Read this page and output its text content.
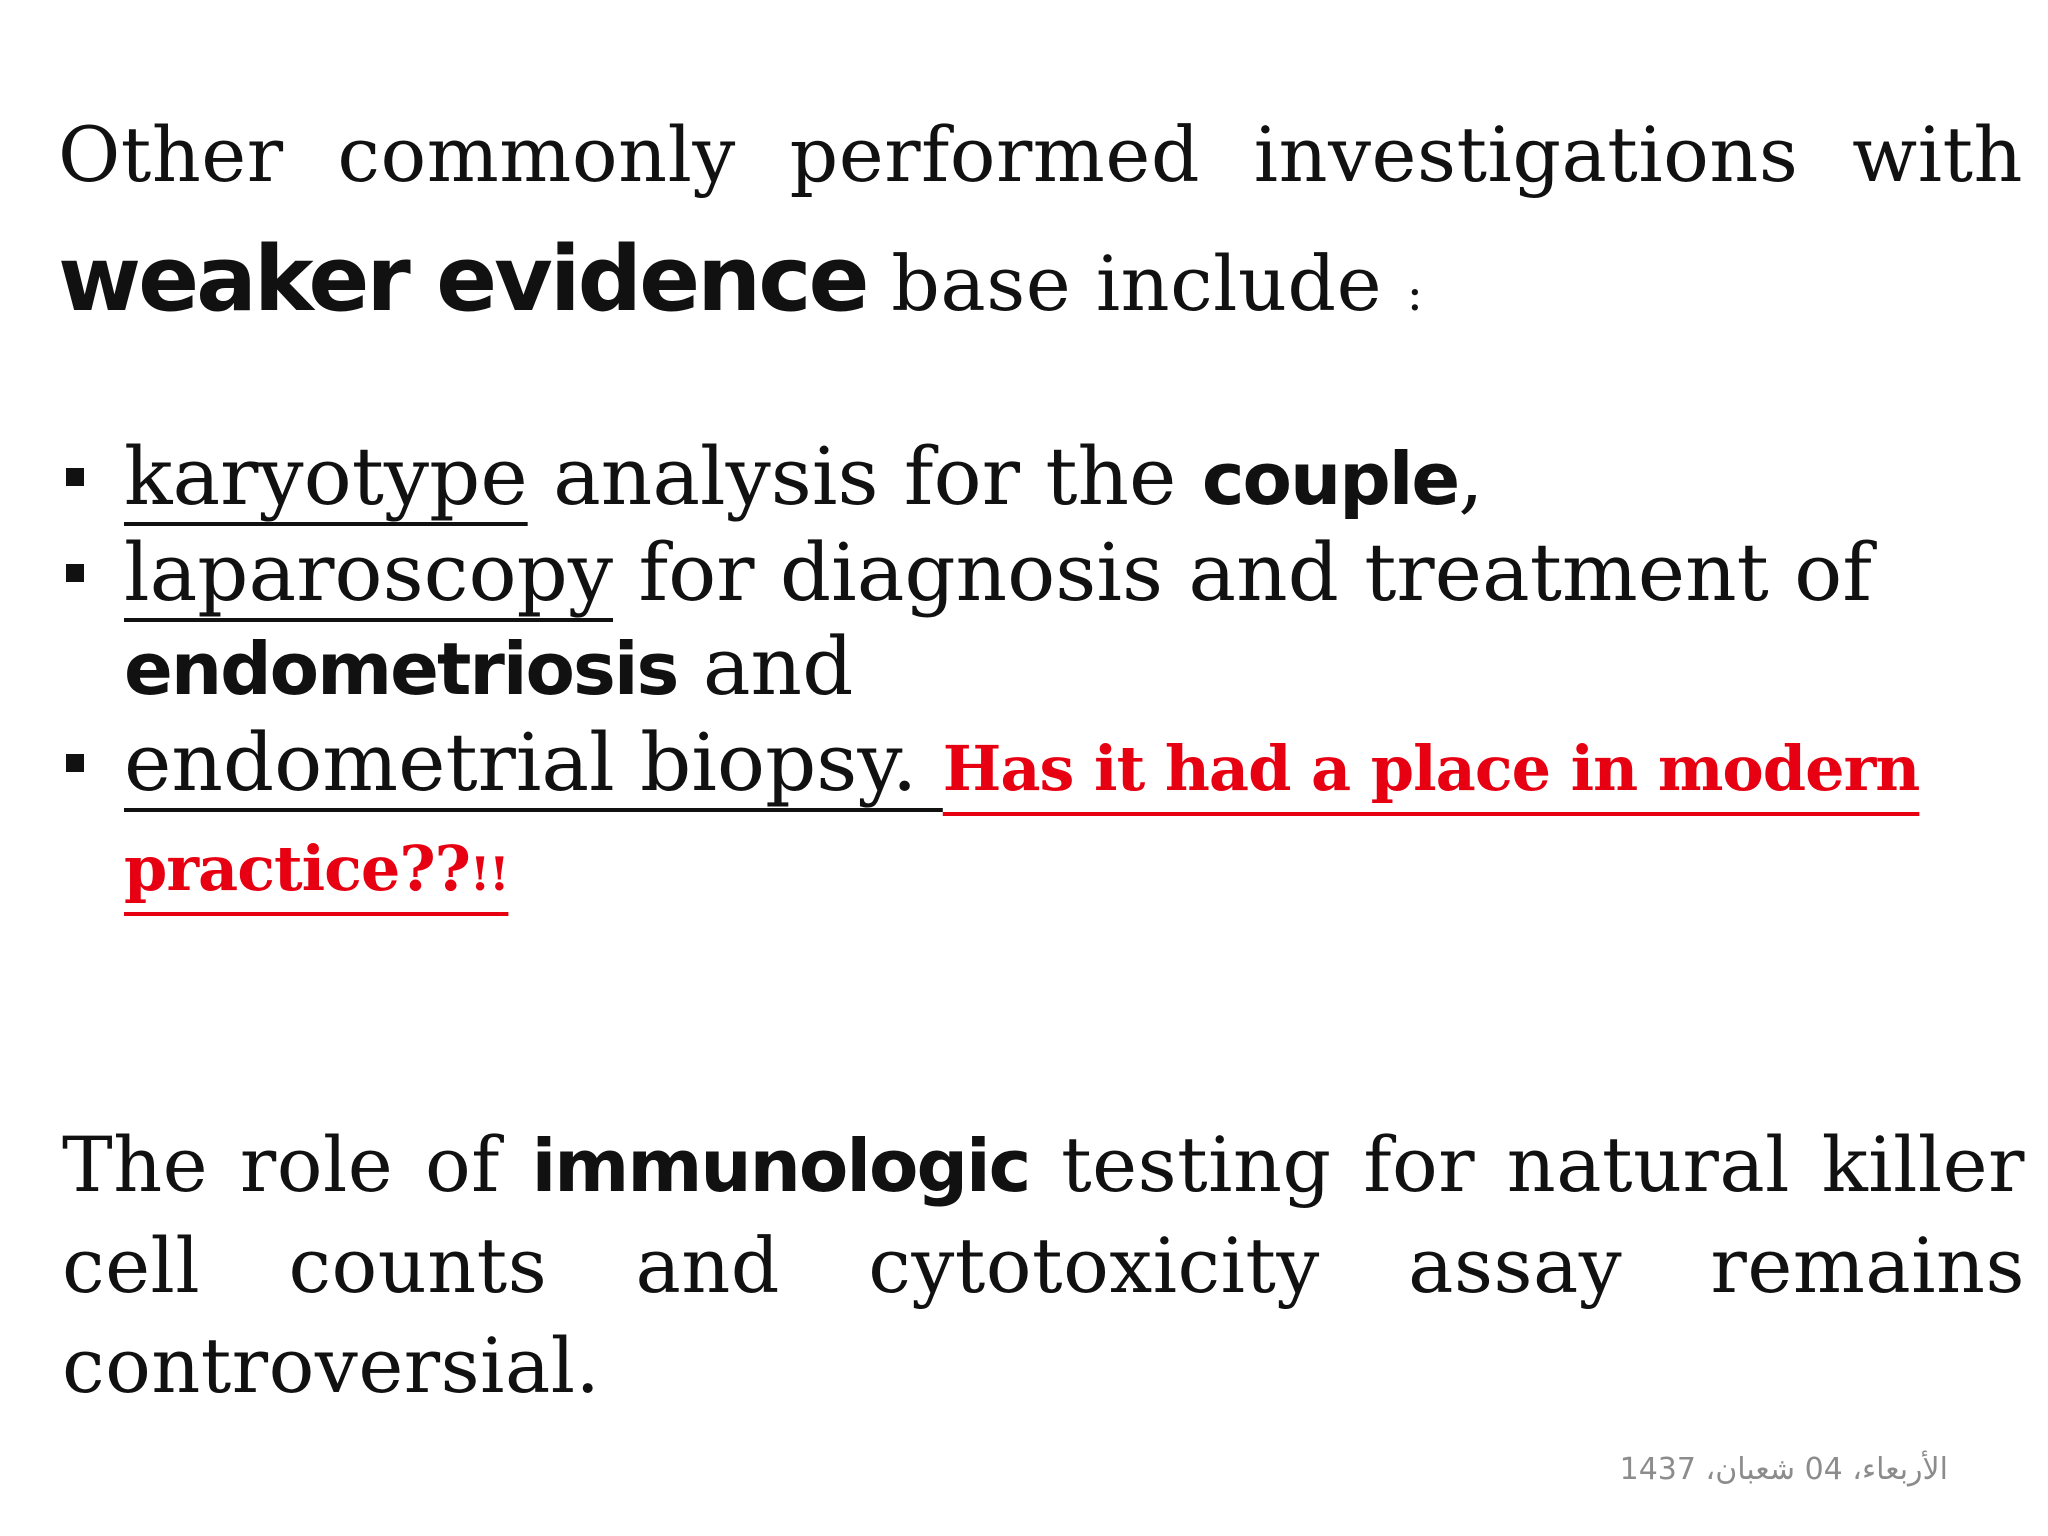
Other commonly performed investigations with weaker evidence base include :
karyotype analysis for the couple,
laparoscopy for diagnosis and treatment of endometriosis and
endometrial biopsy. Has it had a place in modern practice??!!
The role of immunologic testing for natural killer cell counts and cytotoxicity assay remains controversial.
الأربعاء، 04 شعبان، 1437
